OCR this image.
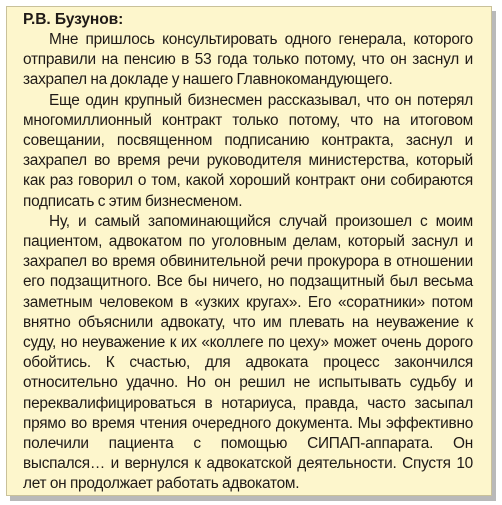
Р.В. Бузунов:

Мне пришлось консультировать одного генерала, которого отправили на пенсию в 53 года только потому, что он заснул и захрапел на докладе у нашего Главнокомандующего.

Еще один крупный бизнесмен рассказывал, что он потерял многомиллионный контракт только потому, что на итоговом совещании, посвященном подписанию контракта, заснул и захрапел во время речи руководителя министерства, который как раз говорил о том, какой хороший контракт они собираются подписать с этим бизнесменом.

Ну, и самый запоминающийся случай произошел с моим пациентом, адвокатом по уголовным делам, который заснул и захрапел во время обвинительной речи прокурора в отношении его подзащитного. Все бы ничего, но подзащитный был весьма заметным человеком в «узких кругах». Его «соратники» потом внятно объяснили адвокату, что им плевать на неуважение к суду, но неуважение к их «коллеге по цеху» может очень дорого обойтись. К счастью, для адвоката процесс закончился относительно удачно. Но он решил не испытывать судьбу и переквалифицироваться в нотариуса, правда, часто засыпал прямо во время чтения очередного документа. Мы эффективно полечили пациента с помощью СИПАП-аппарата. Он выспался… и вернулся к адвокатской деятельности. Спустя 10 лет он продолжает работать адвокатом.
